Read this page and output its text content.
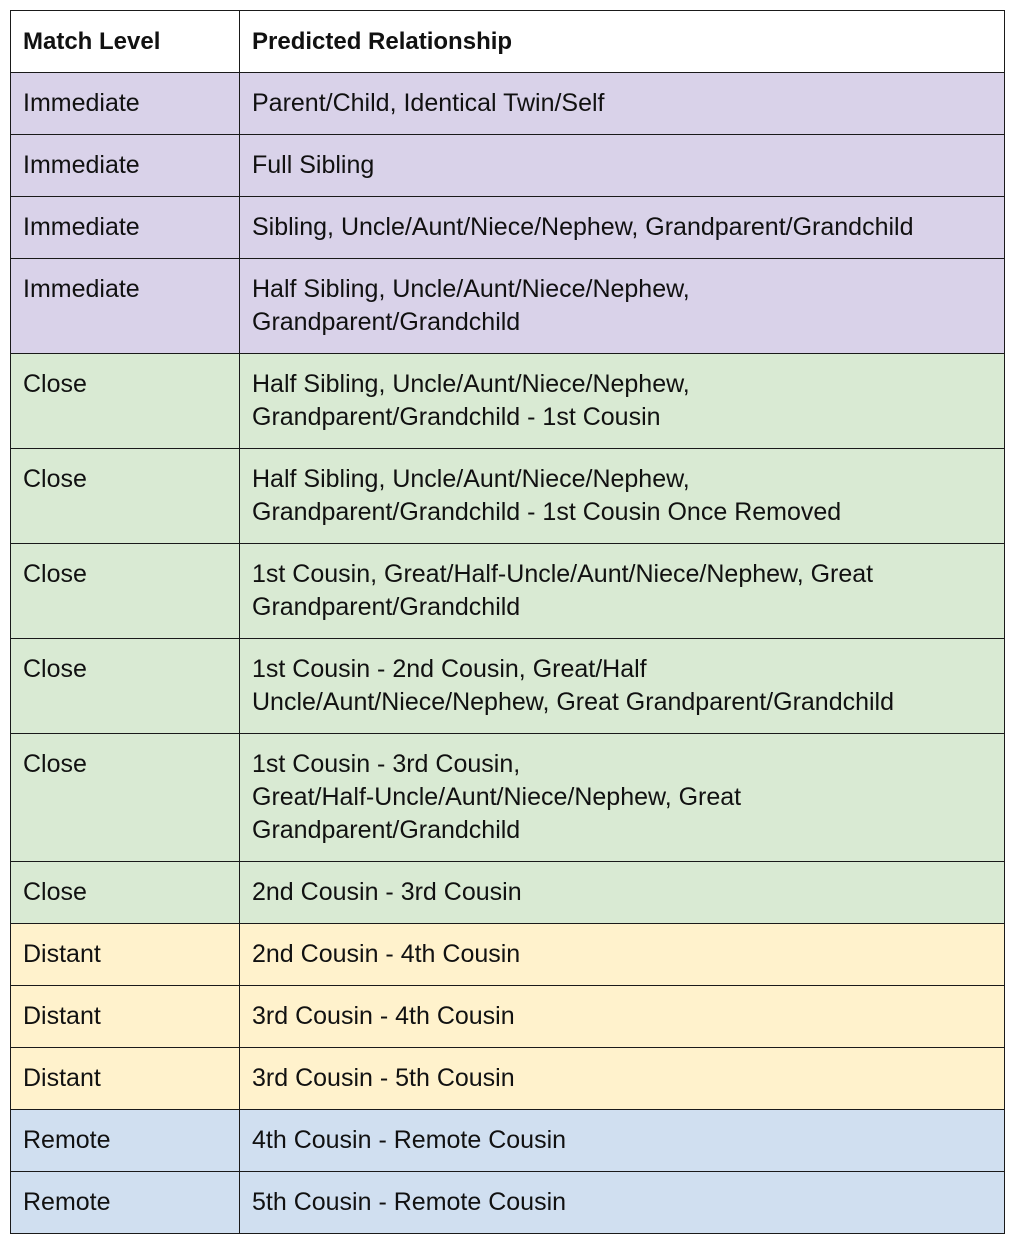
Match Level	Predicted Relationship
Immediate	Parent/Child, Identical Twin/Self
Immediate	Full Sibling
Immediate	Sibling, Uncle/Aunt/Niece/Nephew, Grandparent/Grandchild
Immediate	Half Sibling, Uncle/Aunt/Niece/Nephew,
Grandparent/Grandchild
Close	Half Sibling, Uncle/Aunt/Niece/Nephew,
Grandparent/Grandchild - 1st Cousin
Close	Half Sibling, Uncle/Aunt/Niece/Nephew,
Grandparent/Grandchild - 1st Cousin Once Removed
Close	1st Cousin, Great/Half-Uncle/Aunt/Niece/Nephew, Great
Grandparent/Grandchild
Close	1st Cousin - 2nd Cousin, Great/Half
Uncle/Aunt/Niece/Nephew, Great Grandparent/Grandchild
Close	1st Cousin - 3rd Cousin,
Great/Half-Uncle/Aunt/Niece/Nephew, Great
Grandparent/Grandchild
Close	2nd Cousin - 3rd Cousin
Distant	2nd Cousin - 4th Cousin
Distant	3rd Cousin - 4th Cousin
Distant	3rd Cousin - 5th Cousin
Remote	4th Cousin - Remote Cousin
Remote	5th Cousin - Remote Cousin
